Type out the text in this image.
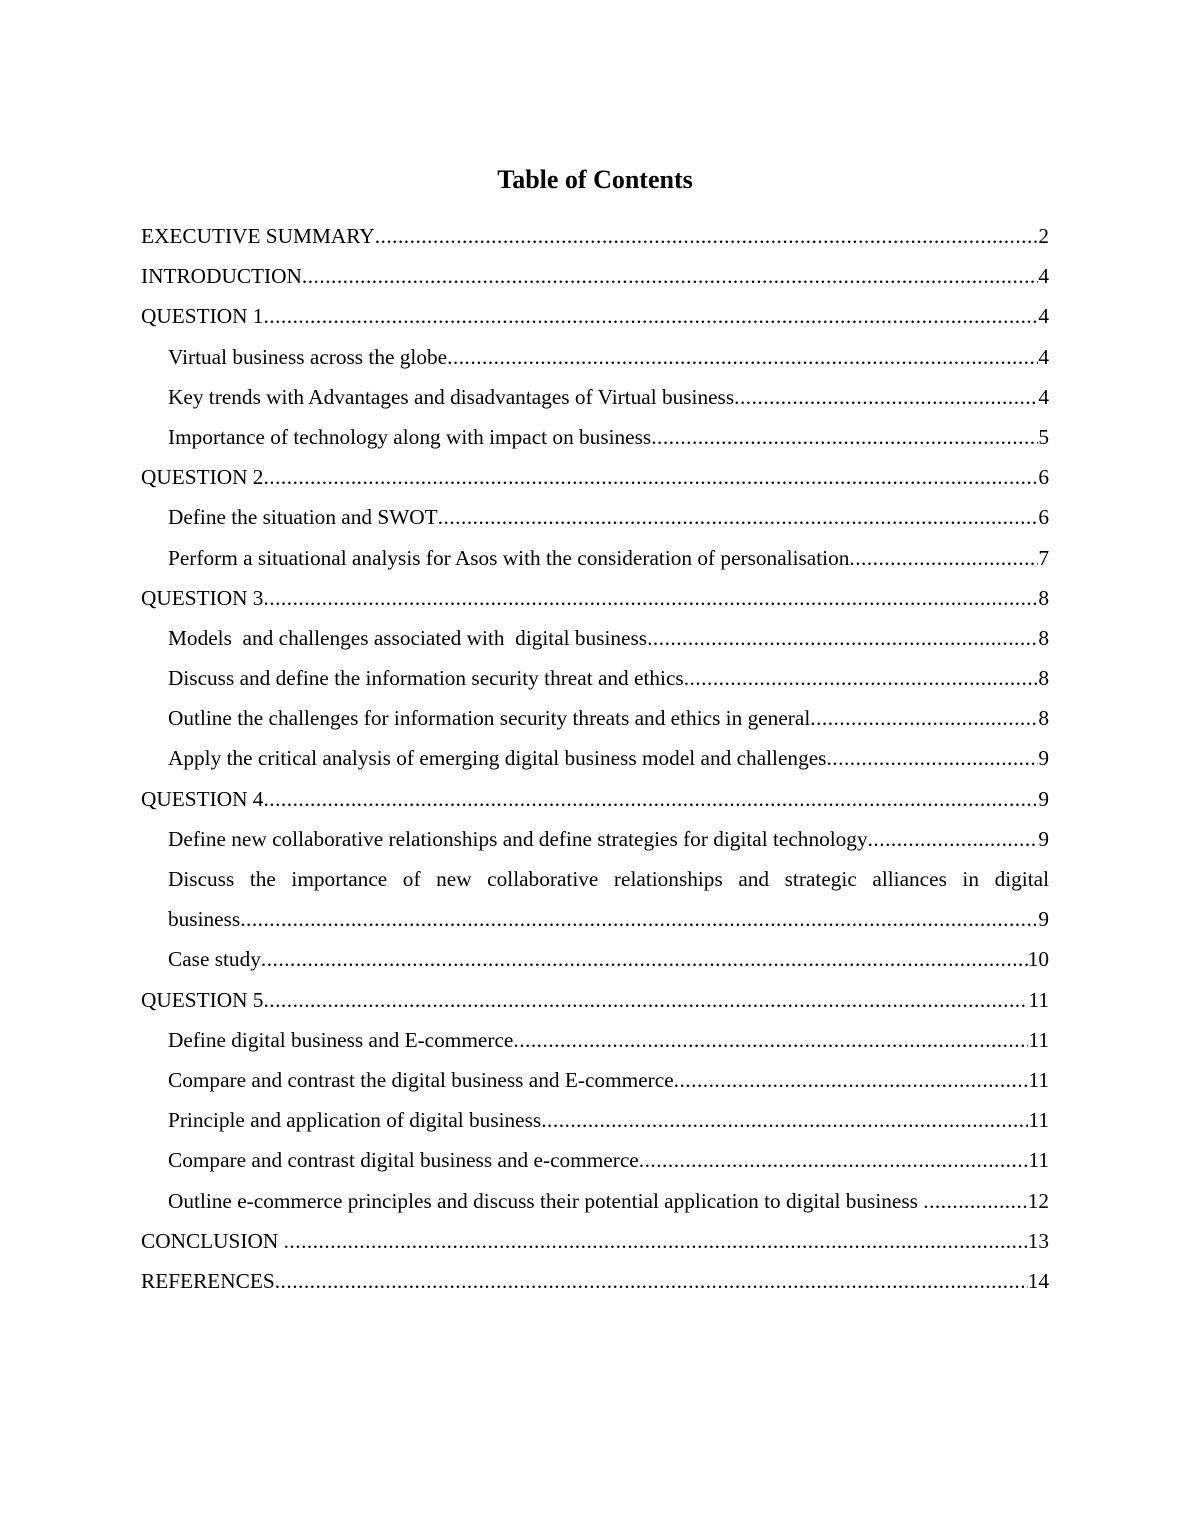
Table of Contents
EXECUTIVE SUMMARY .....	2
INTRODUCTION .....	4
QUESTION 1 .....	4
Virtual business across the globe .....	4
Key trends with Advantages and disadvantages of Virtual business .....	4
Importance of technology along with impact on business .....	5
QUESTION 2 .....	6
Define the situation and SWOT .....	6
Perform a situational analysis for Asos with the consideration of personalisation .....	7
QUESTION 3 .....	8
Models  and challenges associated with  digital business .....	8
Discuss and define the information security threat and ethics .....	8
Outline the challenges for information security threats and ethics in general .....	8
Apply the critical analysis of emerging digital business model and challenges .....	9
QUESTION 4 .....	9
Define new collaborative relationships and define strategies for digital technology .....	9
Discuss the importance of new collaborative relationships and strategic alliances in digital
business .....	9
Case study .....	10
QUESTION 5 .....	11
Define digital business and E-commerce .....	11
Compare and contrast the digital business and E-commerce .....	11
Principle and application of digital business .....	11
Compare and contrast digital business and e-commerce .....	11
Outline e-commerce principles and discuss their potential application to digital business .....	12
CONCLUSION .....	13
REFERENCES .....	14
